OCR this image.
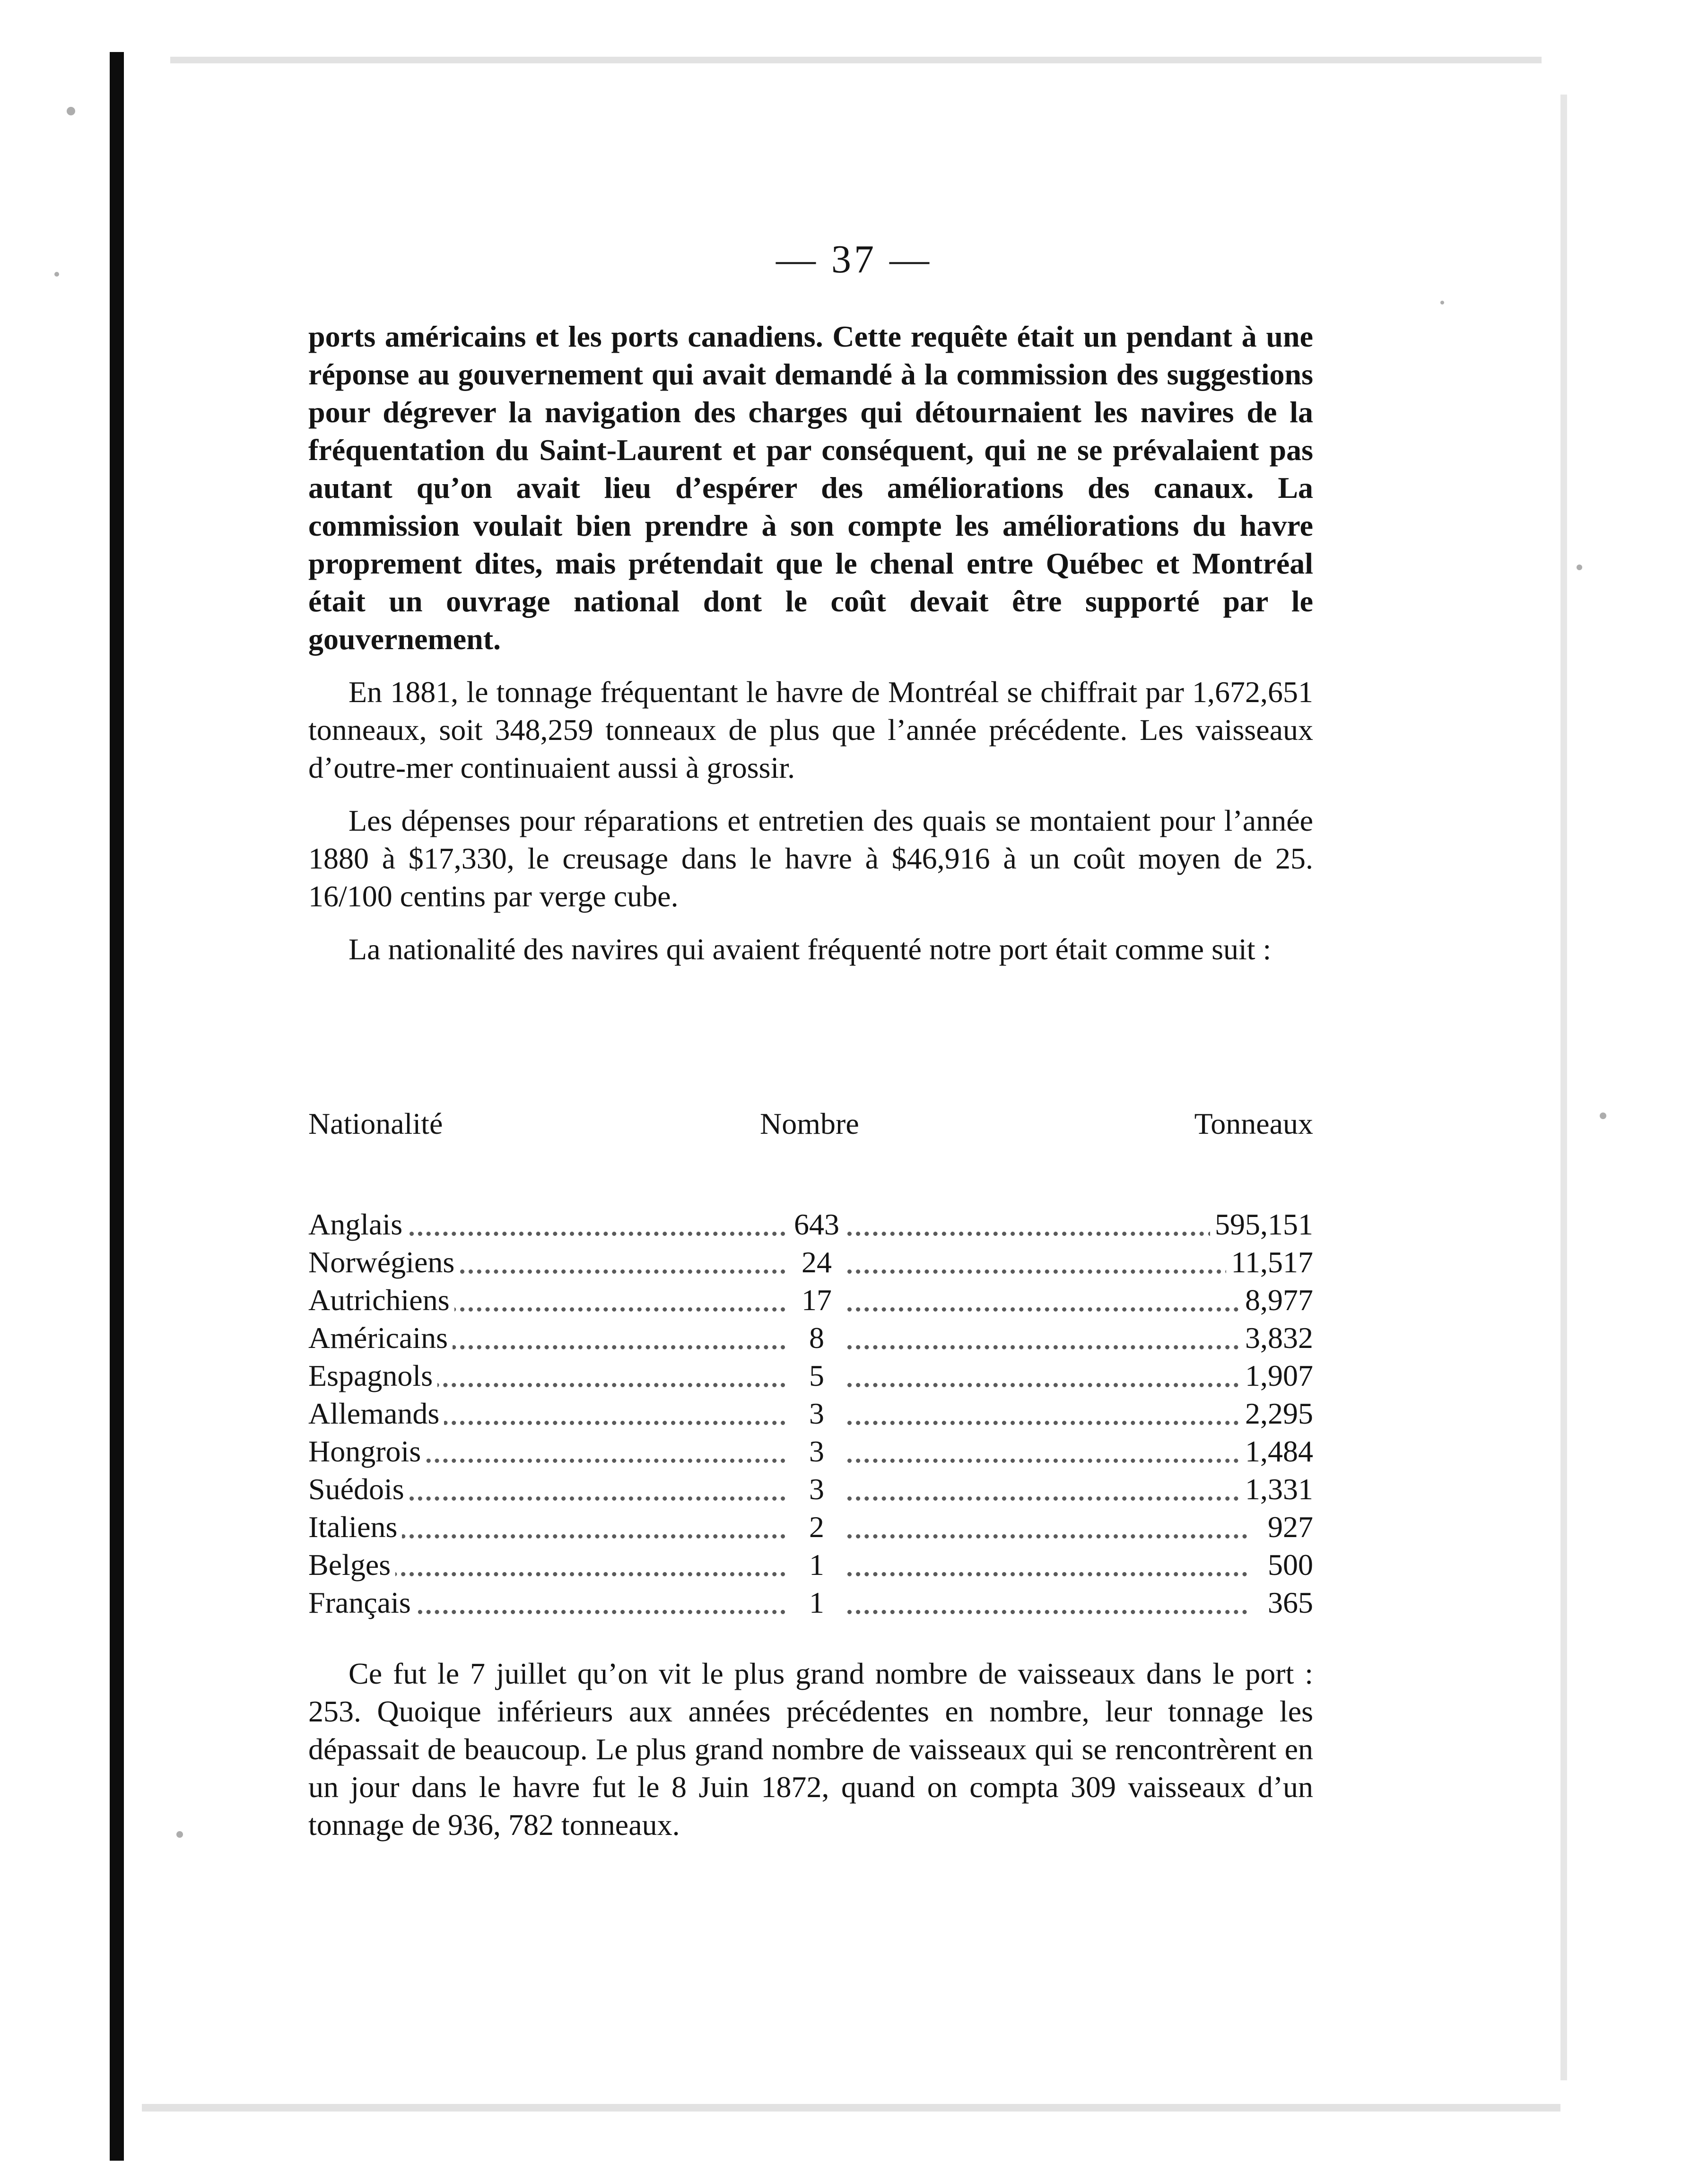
— 37 —

ports américains et les ports canadiens. Cette requête était un pendant à une réponse au gouvernement qui avait demandé à la commission des suggestions pour dégrever la navigation des charges qui détournaient les navires de la fréquentation du Saint-Laurent et par conséquent, qui ne se prévalaient pas autant qu’on avait lieu d’espérer des améliorations des canaux. La commission voulait bien prendre à son compte les améliorations du havre proprement dites, mais prétendait que le chenal entre Québec et Montréal était un ouvrage national dont le coût devait être supporté par le gouvernement.

En 1881, le tonnage fréquentant le havre de Montréal se chiffrait par 1,672,651 tonneaux, soit 348,259 tonneaux de plus que l’année précédente. Les vaisseaux d’outre-mer continuaient aussi à grossir.

Les dépenses pour réparations et entretien des quais se montaient pour l’année 1880 à $17,330, le creusage dans le havre à $46,916 à un coût moyen de 25. 16/100 centins par verge cube.

La nationalité des navires qui avaient fréquenté notre port était comme suit :

Nationalité	Nombre	Tonneaux
Anglais	643	595,151
Norwégiens	24	11,517
Autrichiens	17	8,977
Américains	8	3,832
Espagnols	5	1,907
Allemands	3	2,295
Hongrois	3	1,484
Suédois	3	1,331
Italiens	2	927
Belges	1	500
Français	1	365

Ce fut le 7 juillet qu’on vit le plus grand nombre de vaisseaux dans le port : 253. Quoique inférieurs aux années précédentes en nombre, leur tonnage les dépassait de beaucoup. Le plus grand nombre de vaisseaux qui se rencontrèrent en un jour dans le havre fut le 8 Juin 1872, quand on compta 309 vaisseaux d’un tonnage de 936, 782 tonneaux.
